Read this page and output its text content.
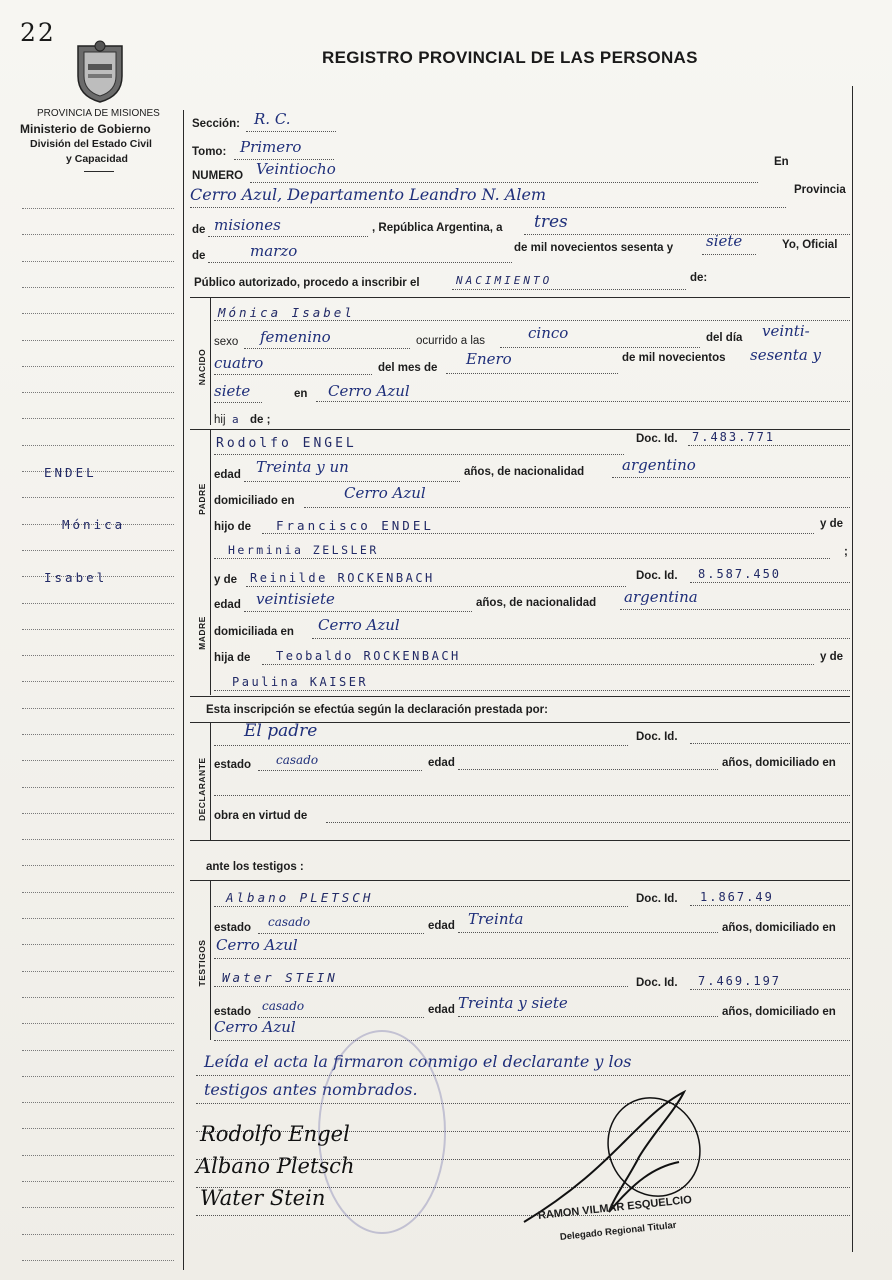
22
PROVINCIA DE MISIONES
Ministerio de Gobierno
División del Estado Civil
y Capacidad
REGISTRO PROVINCIAL DE LAS PERSONAS
ENDEL
Mónica
Isabel
Sección: R. C.
Tomo: Primero
NUMERO Veintiocho	En
Cerro Azul, Departamento Leandro N. Alem	Provincia
de misiones	, República Argentina, a tres
de	marzo	de mil novecientos sesenta y siete	Yo, Oficial
Público autorizado, procedo a inscribir el	NACIMIENTO	de:
NACIDO
Mónica Isabel
sexo femenino	ocurrido a las	cinco	del día veinti-
cuatro	del mes de Enero	de mil novecientos sesenta y
siete	en Cerro Azul
hij a de ;
PADRE
Rodolfo ENGEL	Doc. Id. 7.483.771
edad Treinta y un	años, de nacionalidad	argentino
domiciliado en	Cerro Azul
hijo de Francisco ENDEL	y de
Herminia ZELSLER	;
MADRE
y de Reinilde ROCKENBACH	Doc. Id. 8.587.450
edad veintisiete	años, de nacionalidad argentina
domiciliada en Cerro Azul
hija de Teobaldo ROCKENBACH	y de
Paulina KAISER
Esta inscripción se efectúa según la declaración prestada por:
DECLARANTE
El padre	Doc. Id.
estado casado	edad	años, domiciliado en
obra en virtud de
ante los testigos :
TESTIGOS
Albano PLETSCH	Doc. Id. 1.867.49
estado casado	edad Treinta	años, domiciliado en
Cerro Azul
Water STEIN	Doc. Id. 7.469.197
estado casado	edad Treinta y siete	años, domiciliado en
Cerro Azul
Leída el acta la firmaron conmigo el declarante y los
testigos antes nombrados.
Rodolfo Engel
Albano Pletsch
Water Stein	RAMON VILMAR ESQUELCIO
Delegado Regional Titular
